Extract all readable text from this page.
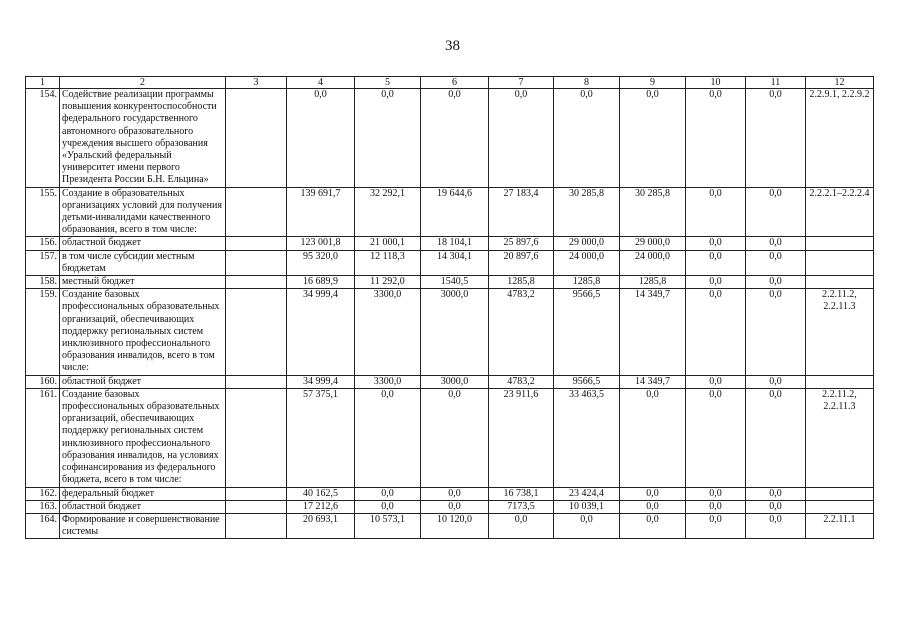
38
1	2	3	4	5	6	7	8	9	10	11	12
154.	Содействие реализации программы повышения конкурентоспособности федерального государственного автономного образовательного учреждения высшего образования «Уральский федеральный университет имени первого Президента России Б.Н. Ельцина»		0,0	0,0	0,0	0,0	0,0	0,0	0,0	0,0	2.2.9.1, 2.2.9.2
155.	Создание в образовательных организациях условий для получения детьми-инвалидами качественного образования, всего в том числе:		139 691,7	32 292,1	19 644,6	27 183,4	30 285,8	30 285,8	0,0	0,0	2.2.2.1–2.2.2.4
156.	областной бюджет		123 001,8	21 000,1	18 104,1	25 897,6	29 000,0	29 000,0	0,0	0,0	
157.	в том числе субсидии местным бюджетам		95 320,0	12 118,3	14 304,1	20 897,6	24 000,0	24 000,0	0,0	0,0	
158.	местный бюджет		16 689,9	11 292,0	1540,5	1285,8	1285,8	1285,8	0,0	0,0	
159.	Создание базовых профессиональных образовательных организаций, обеспечивающих поддержку региональных систем инклюзивного профессионального образования инвалидов, всего в том числе:		34 999,4	3300,0	3000,0	4783,2	9566,5	14 349,7	0,0	0,0	2.2.11.2, 2.2.11.3
160.	областной бюджет		34 999,4	3300,0	3000,0	4783,2	9566,5	14 349,7	0,0	0,0	
161.	Создание базовых профессиональных образовательных организаций, обеспечивающих поддержку региональных систем инклюзивного профессионального образования инвалидов, на условиях софинансирования из федерального бюджета, всего в том числе:		57 375,1	0,0	0,0	23 911,6	33 463,5	0,0	0,0	0,0	2.2.11.2, 2.2.11.3
162.	федеральный бюджет		40 162,5	0,0	0,0	16 738,1	23 424,4	0,0	0,0	0,0	
163.	областной бюджет		17 212,6	0,0	0,0	7173,5	10 039,1	0,0	0,0	0,0	
164.	Формирование и совершенствование системы		20 693,1	10 573,1	10 120,0	0,0	0,0	0,0	0,0	0,0	2.2.11.1
